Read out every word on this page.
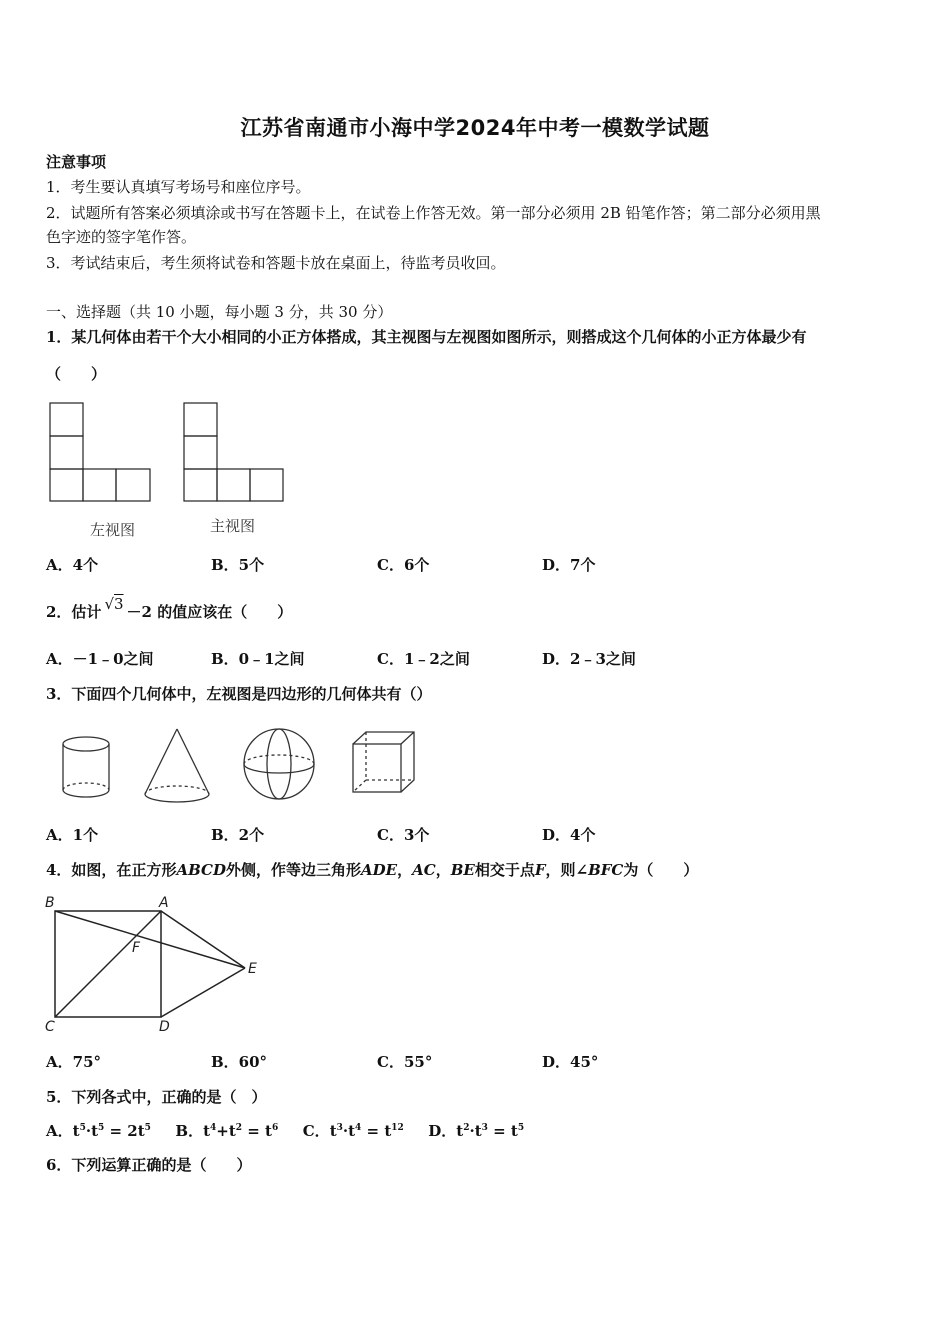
江苏省南通市小海中学2024年中考一模数学试题
注意事项
1．考生要认真填写考场号和座位序号。
2．试题所有答案必须填涂或书写在答题卡上，在试卷上作答无效。第一部分必须用 2B 铅笔作答；第二部分必须用黑
色字迹的签字笔作答。
3．考试结束后，考生须将试卷和答题卡放在桌面上，待监考员收回。
一、选择题（共 10 小题，每小题 3 分，共 30 分）
1．某几何体由若干个大小相同的小正方体搭成，其主视图与左视图如图所示，则搭成这个几何体的小正方体最少有
（　　）
左视图	主视图
A．4个	B．5个	C．6个	D．7个
2．估计 √3 －2 的值应该在（　　）
A．－1﹣0之间	B．0﹣1之间	C．1﹣2之间	D．2﹣3之间
3．下面四个几何体中，左视图是四边形的几何体共有（）
A．1个	B．2个	C．3个	D．4个
4．如图，在正方形ABCD外侧，作等边三角形ADE，AC，BE相交于点F，则∠BFC为（　　）
B	A
F
E
C	D
A．75°	B．60°	C．55°	D．45°
5．下列各式中，正确的是（　）
A．$t^5\cdot t^5 = 2t^5$ B．$t^4+t^2 = t^6$ C．$t^3\cdot t^4 = t^{12}$ D．$t^2\cdot t^3 = t^5$
6．下列运算正确的是（　　）
